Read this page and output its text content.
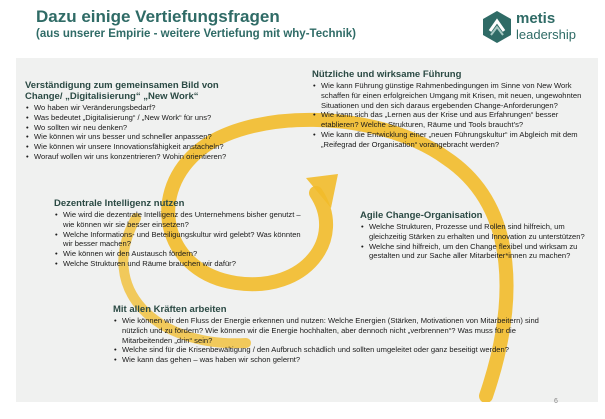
Dazu einige Vertiefungsfragen
(aus unserer Empirie - weitere Vertiefung mit why-Technik)
metis
leadership
Verständigung zum gemeinsamen Bild von
Change/ „Digitalisierung“ „New Work“
• Wo haben wir Veränderungsbedarf?
• Was bedeutet „Digitalisierung“ / „New Work“ für uns?
• Wo sollten wir neu denken?
• Wie können wir uns besser und schneller anpassen?
• Wie können wir unsere Innovationsfähigkeit anstacheln?
• Worauf wollen wir uns konzentrieren? Wohin orientieren?
Nützliche und wirksame Führung
• Wie kann Führung günstige Rahmenbedingungen im Sinne von New Work schaffen für einen erfolgreichen Umgang mit Krisen, mit neuen, ungewohnten Situationen und den sich daraus ergebenden Change-Anforderungen?
• Wie kann sich das „Lernen aus der Krise und aus Erfahrungen“ besser etablieren? Welche Strukturen, Räume und Tools braucht's?
• Wie kann die Entwicklung einer „neuen Führungskultur“ im Abgleich mit dem „Reifegrad der Organisation“ vorangebracht werden?
Dezentrale Intelligenz nutzen
• Wie wird die dezentrale Intelligenz des Unternehmens bisher genutzt – wie können wir sie besser einsetzen?
• Welche Informations- und Beteiligungskultur wird gelebt? Was könnten wir besser machen?
• Wie können wir den Austausch fördern?
• Welche Strukturen und Räume brauchen wir dafür?
Agile Change-Organisation
• Welche Strukturen, Prozesse und Rollen sind hilfreich, um gleichzeitig Stärken zu erhalten und Innovation zu unterstützen?
• Welche sind hilfreich, um den Change flexibel und wirksam zu gestalten und zur Sache aller Mitarbeiter*innen zu machen?
Mit allen Kräften arbeiten
• Wie können wir den Fluss der Energie erkennen und nutzen: Welche Energien (Stärken, Motivationen von Mitarbeitern) sind nützlich und zu fördern? Wie können wir die Energie hochhalten, aber dennoch nicht „verbrennen“? Was muss für die Mitarbeitenden „drin“ sein?
• Welche sind für die Krisenbewältigung / den Aufbruch schädlich und sollten umgeleitet oder ganz beseitigt werden?
• Wie kann das gehen – was haben wir schon gelernt?
6
